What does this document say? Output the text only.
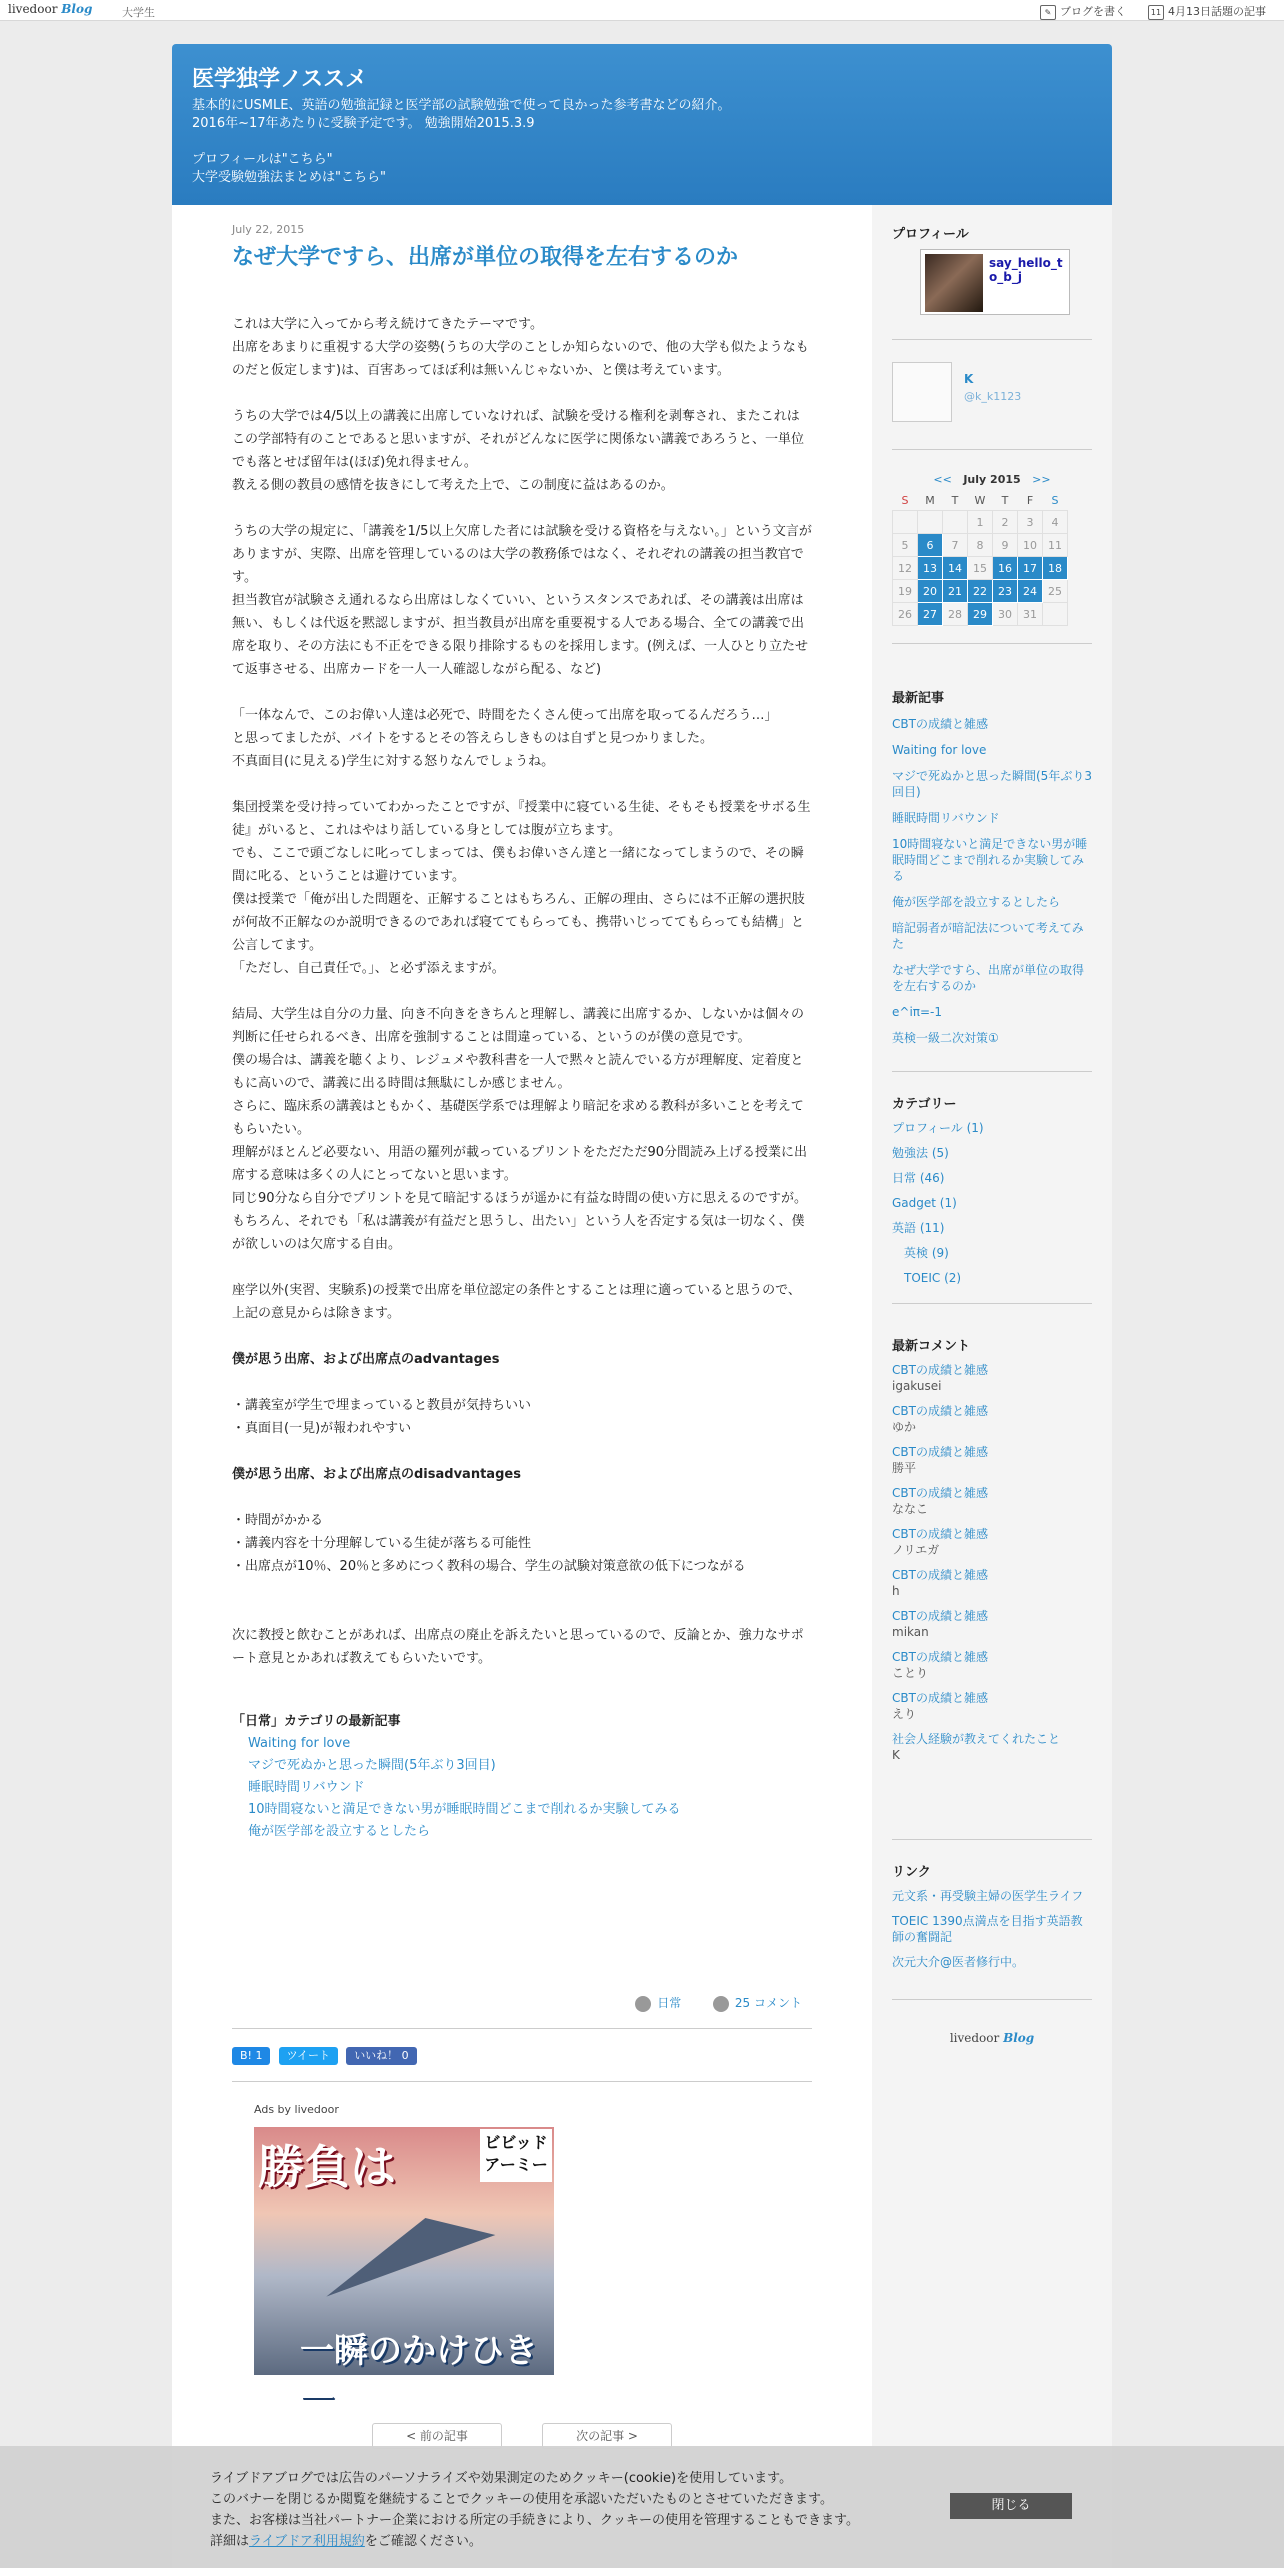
livedoor Blog	大学生	✎ ブログを書く	11 4月13日話題の記事
医学独学ノススメ
基本的にUSMLE、英語の勉強記録と医学部の試験勉強で使って良かった参考書などの紹介。
2016年~17年あたりに受験予定です。 勉強開始2015.3.9
プロフィールは"こちら"
大学受験勉強法まとめは"こちら"
July 22, 2015
なぜ大学ですら、出席が単位の取得を左右するのか

これは大学に入ってから考え続けてきたテーマです。
出席をあまりに重視する大学の姿勢(うちの大学のことしか知らないので、他の大学も似たようなものだと仮定します)は、百害あってほぼ利は無いんじゃないか、と僕は考えています。

うちの大学では4/5以上の講義に出席していなければ、試験を受ける権利を剥奪され、またこれはこの学部特有のことであると思いますが、それがどんなに医学に関係ない講義であろうと、一単位でも落とせば留年は(ほぼ)免れ得ません。
教える側の教員の感情を抜きにして考えた上で、この制度に益はあるのか。

うちの大学の規定に、「講義を1/5以上欠席した者には試験を受ける資格を与えない。」という文言がありますが、実際、出席を管理しているのは大学の教務係ではなく、それぞれの講義の担当教官です。
担当教官が試験さえ通れるなら出席はしなくていい、というスタンスであれば、その講義は出席は無い、もしくは代返を黙認しますが、担当教員が出席を重要視する人である場合、全ての講義で出席を取り、その方法にも不正をできる限り排除するものを採用します。(例えば、一人ひとり立たせて返事させる、出席カードを一人一人確認しながら配る、など)

「一体なんで、このお偉い人達は必死で、時間をたくさん使って出席を取ってるんだろう…」
と思ってましたが、バイトをするとその答えらしきものは自ずと見つかりました。
不真面目(に見える)学生に対する怒りなんでしょうね。

集団授業を受け持っていてわかったことですが、『授業中に寝ている生徒、そもそも授業をサボる生徒』がいると、これはやはり話している身としては腹が立ちます。
でも、ここで頭ごなしに叱ってしまっては、僕もお偉いさん達と一緒になってしまうので、その瞬間に叱る、ということは避けています。
僕は授業で「俺が出した問題を、正解することはもちろん、正解の理由、さらには不正解の選択肢が何故不正解なのか説明できるのであれば寝ててもらっても、携帯いじっててもらっても結構」と公言してます。
「ただし、自己責任で。」、と必ず添えますが。

結局、大学生は自分の力量、向き不向きをきちんと理解し、講義に出席するか、しないかは個々の判断に任せられるべき、出席を強制することは間違っている、というのが僕の意見です。
僕の場合は、講義を聴くより、レジュメや教科書を一人で黙々と読んでいる方が理解度、定着度ともに高いので、講義に出る時間は無駄にしか感じません。
さらに、臨床系の講義はともかく、基礎医学系では理解より暗記を求める教科が多いことを考えてもらいたい。
理解がほとんど必要ない、用語の羅列が載っているプリントをただただ90分間読み上げる授業に出席する意味は多くの人にとってないと思います。
同じ90分なら自分でプリントを見て暗記するほうが遥かに有益な時間の使い方に思えるのですが。
もちろん、それでも「私は講義が有益だと思うし、出たい」という人を否定する気は一切なく、僕が欲しいのは欠席する自由。

座学以外(実習、実験系)の授業で出席を単位認定の条件とすることは理に適っていると思うので、上記の意見からは除きます。

僕が思う出席、および出席点のadvantages

・講義室が学生で埋まっていると教員が気持ちいい
・真面目(一見)が報われやすい

僕が思う出席、および出席点のdisadvantages

・時間がかかる
・講義内容を十分理解している生徒が落ちる可能性
・出席点が10％、20％と多めにつく教科の場合、学生の試験対策意欲の低下につながる

次に教授と飲むことがあれば、出席点の廃止を訴えたいと思っているので、反論とか、強力なサポート意見とかあれば教えてもらいたいです。

「日常」カテゴリの最新記事
Waiting for love
マジで死ぬかと思った瞬間(5年ぶり3回目)
睡眠時間リバウンド
10時間寝ないと満足できない男が睡眠時間どこまで削れるか実験してみる
俺が医学部を設立するとしたら
日常	25 コメント
B! 1 ツイート いいね！ 0
Ads by livedoor
勝負は	ビビッドアーミー
一瞬のかけひき一
< 前の記事	次の記事 >
プロフィール
say_hello_to_b_j
K
@k_k1123
<< July 2015 >>
S	M	T	W	T	F	S
			1	2	3	4
5	6	7	8	9	10	11
12	13	14	15	16	17	18
19	20	21	22	23	24	25
26	27	28	29	30	31	
最新記事
CBTの成績と雑感
Waiting for love
マジで死ぬかと思った瞬間(5年ぶり3回目)
睡眠時間リバウンド
10時間寝ないと満足できない男が睡眠時間どこまで削れるか実験してみる
俺が医学部を設立するとしたら
暗記弱者が暗記法について考えてみた
なぜ大学ですら、出席が単位の取得を左右するのか
e^iπ=-1
英検一級二次対策①
カテゴリー
プロフィール (1)
勉強法 (5)
日常 (46)
Gadget (1)
英語 (11)
英検 (9)
TOEIC (2)
最新コメント
CBTの成績と雑感
igakusei
CBTの成績と雑感
ゆか
CBTの成績と雑感
勝平
CBTの成績と雑感
ななこ
CBTの成績と雑感
ノリエガ
CBTの成績と雑感
h
CBTの成績と雑感
mikan
CBTの成績と雑感
ことり
CBTの成績と雑感
えり
社会人経験が教えてくれたこと
K
リンク
元文系・再受験主婦の医学生ライフ
TOEIC 1390点満点を目指す英語教師の奮闘記
次元大介@医者修行中。
livedoor Blog
ライブドアブログでは広告のパーソナライズや効果測定のためクッキー(cookie)を使用しています。
このバナーを閉じるか閲覧を継続することでクッキーの使用を承認いただいたものとさせていただきます。
また、お客様は当社パートナー企業における所定の手続きにより、クッキーの使用を管理することもできます。
詳細はライブドア利用規約をご確認ください。
閉じる
